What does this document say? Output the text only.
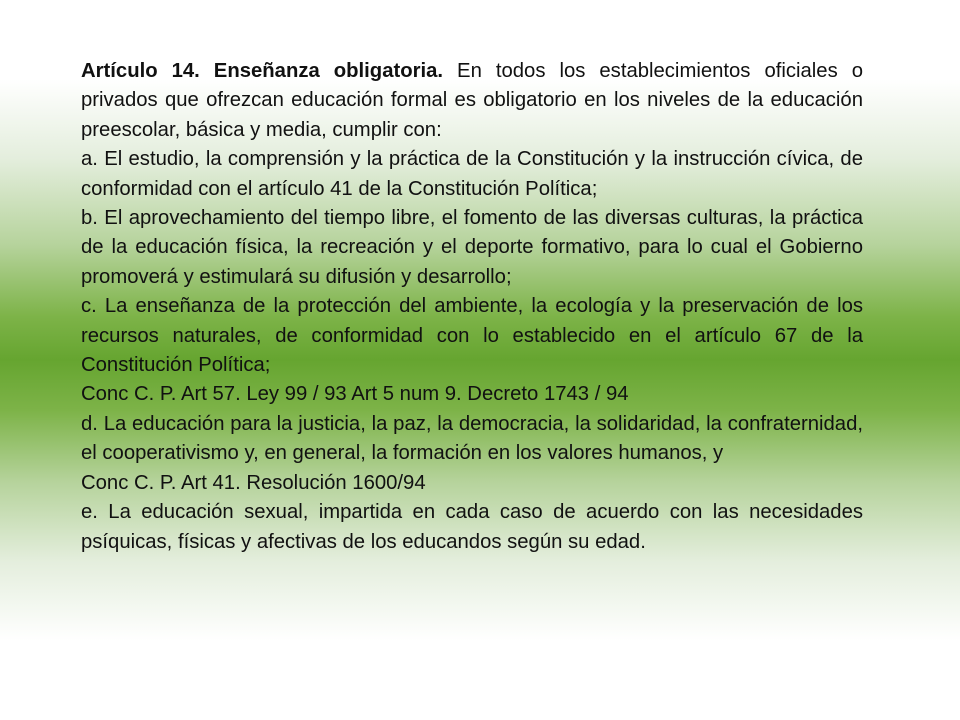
Artículo 14. Enseñanza obligatoria. En todos los establecimientos oficiales o privados que ofrezcan educación formal es obligatorio en los niveles de la educación preescolar, básica y media, cumplir con:

a. El estudio, la comprensión y la práctica de la Constitución y la instrucción cívica, de conformidad con el artículo 41 de la Constitución Política;

b. El aprovechamiento del tiempo libre, el fomento de las diversas culturas, la práctica de la educación física, la recreación y el deporte formativo, para lo cual el Gobierno promoverá y estimulará su difusión y desarrollo;

c. La enseñanza de la protección del ambiente, la ecología y la preservación de los recursos naturales, de conformidad con lo establecido en el artículo 67 de la Constitución Política;

Conc C. P. Art 57. Ley 99 / 93 Art 5 num 9. Decreto 1743 / 94

d. La educación para la justicia, la paz, la democracia, la solidaridad, la confraternidad, el cooperativismo y, en general, la formación en los valores humanos, y

Conc C. P. Art 41. Resolución 1600/94

e. La educación sexual, impartida en cada caso de acuerdo con las necesidades psíquicas, físicas y afectivas de los educandos según su edad.
